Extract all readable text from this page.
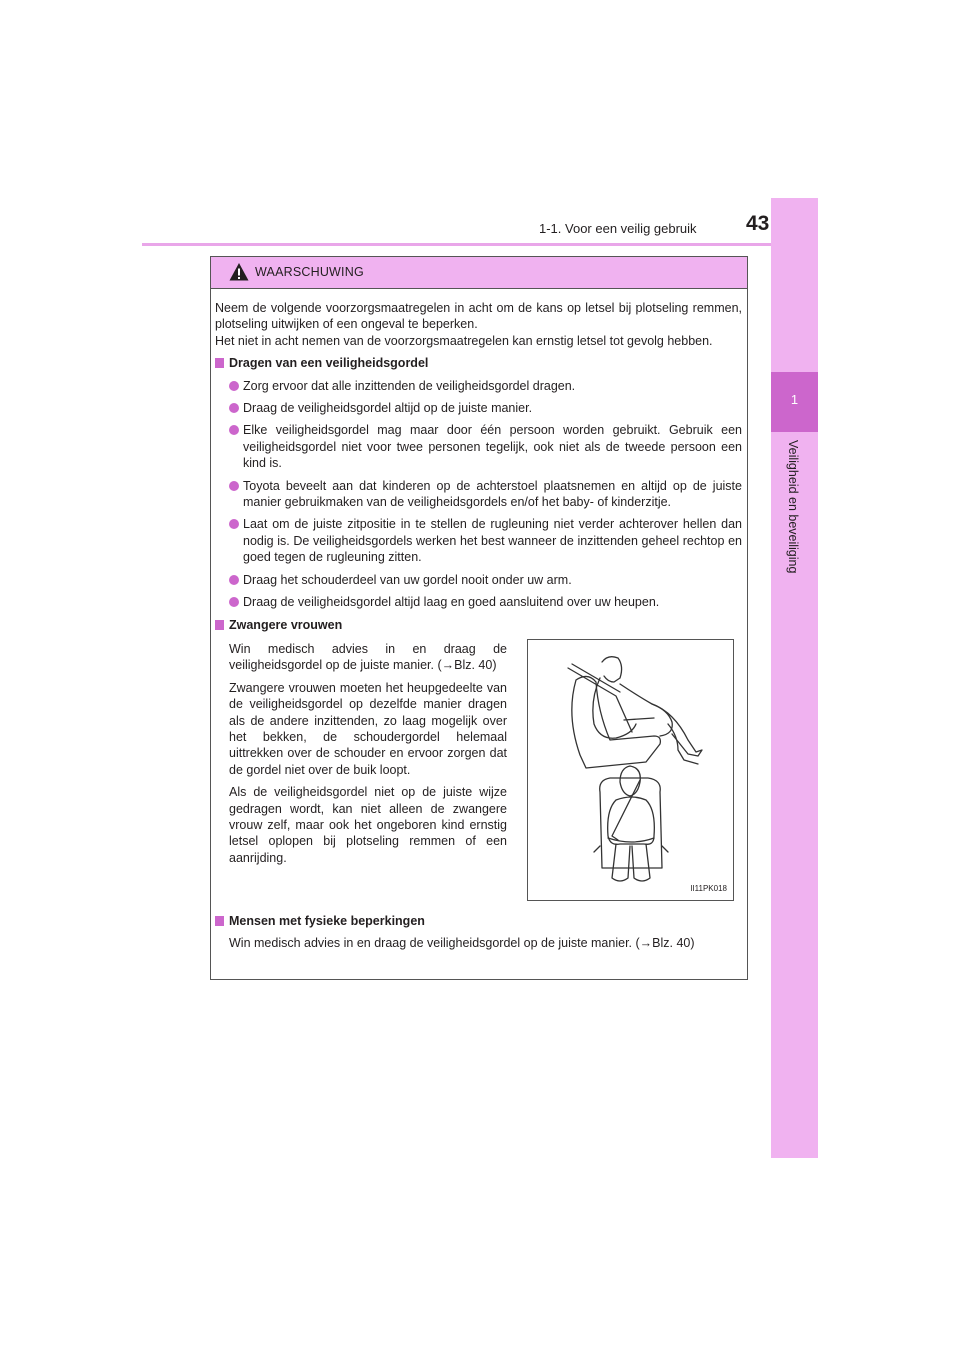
1-1. Voor een veilig gebruik 43
1
Veiligheid en beveiliging
WAARSCHUWING

Neem de volgende voorzorgsmaatregelen in acht om de kans op letsel bij plotseling remmen, plotseling uitwijken of een ongeval te beperken.
Het niet in acht nemen van de voorzorgsmaatregelen kan ernstig letsel tot gevolg hebben.

Dragen van een veiligheidsgordel
Zorg ervoor dat alle inzittenden de veiligheidsgordel dragen.
Draag de veiligheidsgordel altijd op de juiste manier.
Elke veiligheidsgordel mag maar door één persoon worden gebruikt. Gebruik een veiligheidsgordel niet voor twee personen tegelijk, ook niet als de tweede persoon een kind is.
Toyota beveelt aan dat kinderen op de achterstoel plaatsnemen en altijd op de juiste manier gebruikmaken van de veiligheidsgordels en/of het baby- of kinderzitje.
Laat om de juiste zitpositie in te stellen de rugleuning niet verder achterover hellen dan nodig is. De veiligheidsgordels werken het best wanneer de inzittenden geheel rechtop en goed tegen de rugleuning zitten.
Draag het schouderdeel van uw gordel nooit onder uw arm.
Draag de veiligheidsgordel altijd laag en goed aansluitend over uw heupen.
Zwangere vrouwen

Win medisch advies in en draag de veiligheidsgordel op de juiste manier. (→Blz. 40)

Zwangere vrouwen moeten het heupgedeelte van de veiligheidsgordel op dezelfde manier dragen als de andere inzittenden, zo laag mogelijk over het bekken, de schoudergordel helemaal uittrekken over de schouder en ervoor zorgen dat de gordel niet over de buik loopt.

Als de veiligheidsgordel niet op de juiste wijze gedragen wordt, kan niet alleen de zwangere vrouw zelf, maar ook het ongeboren kind ernstig letsel oplopen bij plotseling remmen of een aanrijding.

II11PK018
Mensen met fysieke beperkingen

Win medisch advies in en draag de veiligheidsgordel op de juiste manier. (→Blz. 40)
